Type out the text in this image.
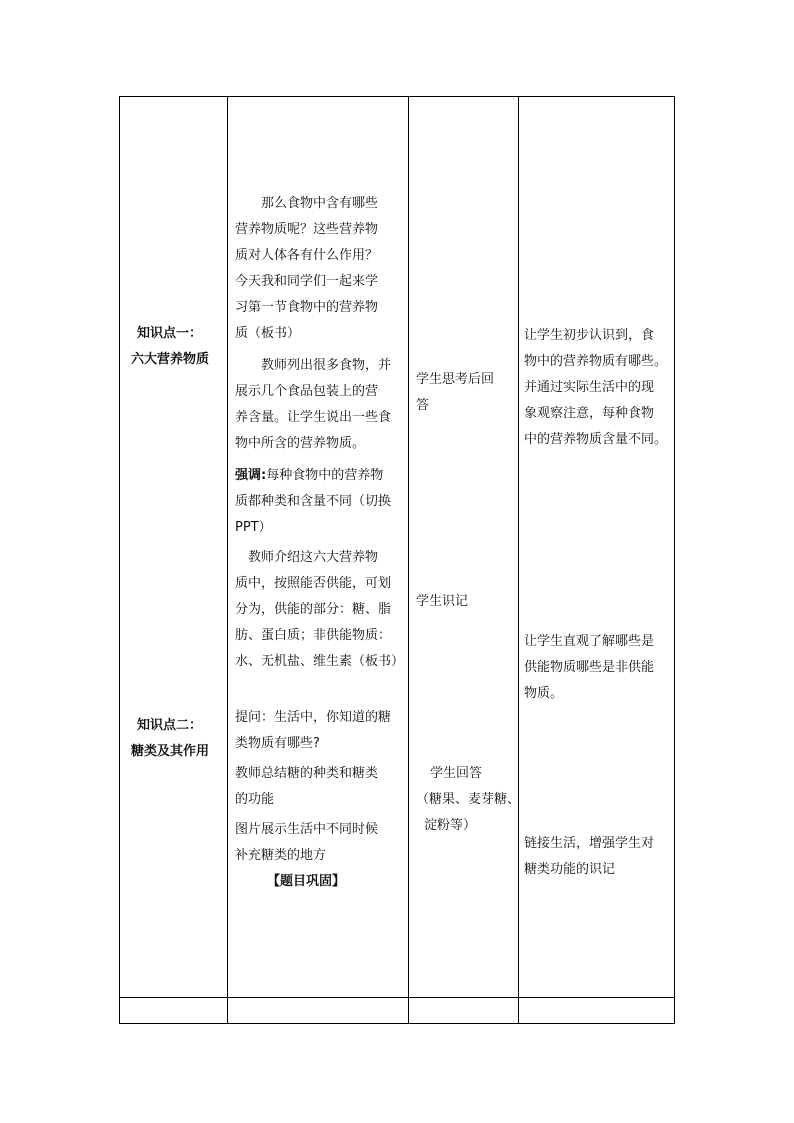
知识点一：
六大营养物质
知识点二：
糖类及其作用
　　那么食物中含有哪些
营养物质呢？这些营养物
质对人体各有什么作用？
今天我和同学们一起来学
习第一节食物中的营养物
质（板书）
　　教师列出很多食物，并
展示几个食品包装上的营
养含量。让学生说出一些食
物中所含的营养物质。
强调:每种食物中的营养物
质都种类和含量不同（切换
PPT）
　教师介绍这六大营养物
质中，按照能否供能，可划
分为，供能的部分：糖、脂
肪、蛋白质；非供能物质：
水、无机盐、维生素（板书）
提问：生活中，你知道的糖
类物质有哪些?
教师总结糖的种类和糖类
的功能
图片展示生活中不同时候
补充糖类的地方
【题目巩固】
学生思考后回
答
学生识记
学生回答
（糖果、麦芽糖、
淀粉等）
让学生初步认识到，食
物中的营养物质有哪些。
并通过实际生活中的现
象观察注意，每种食物
中的营养物质含量不同。
让学生直观了解哪些是
供能物质哪些是非供能
物质。
链接生活，增强学生对
糖类功能的识记
